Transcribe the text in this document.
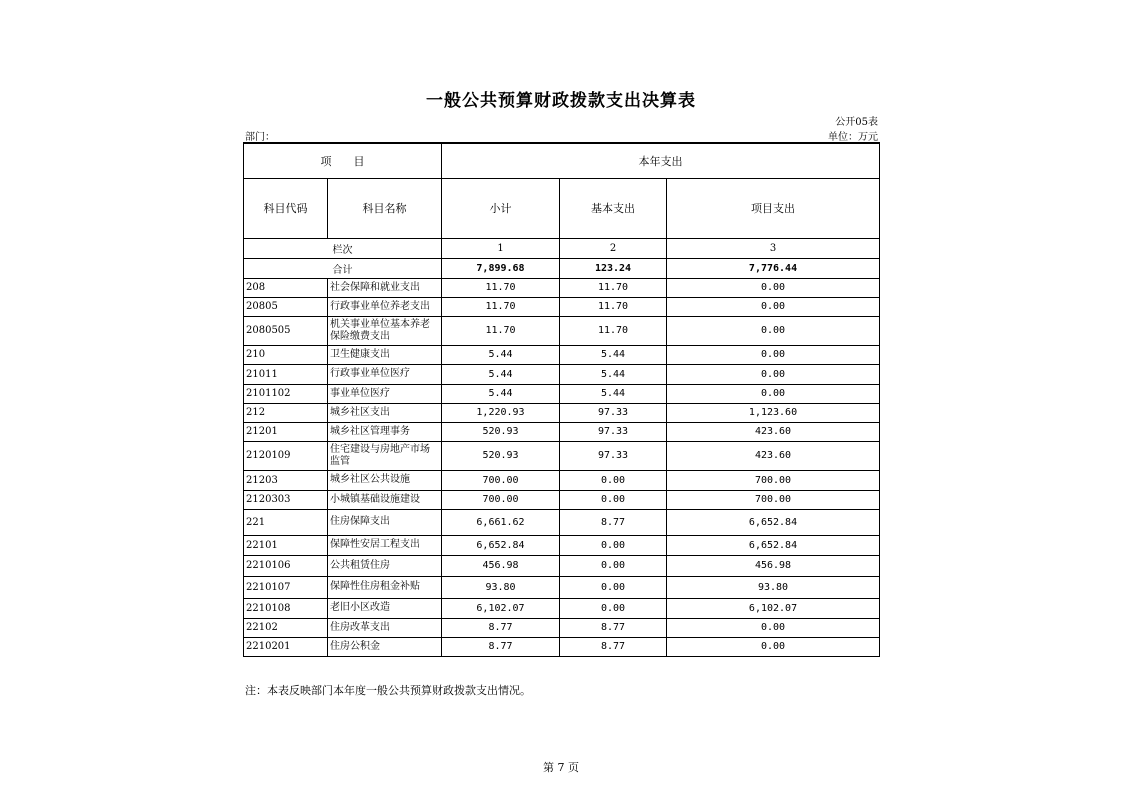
一般公共预算财政拨款支出决算表
公开05表
部门：	单位：万元
项　　目		本年支出		
科目代码	科目名称	小计	基本支出	项目支出
栏次		1	2	3
合计		7,899.68	123.24	7,776.44
208	社会保障和就业支出	11.70	11.70	0.00
20805	行政事业单位养老支出	11.70	11.70	0.00
2080505	机关事业单位基本养老保险缴费支出	11.70	11.70	0.00
210	卫生健康支出	5.44	5.44	0.00
21011	行政事业单位医疗	5.44	5.44	0.00
2101102	事业单位医疗	5.44	5.44	0.00
212	城乡社区支出	1,220.93	97.33	1,123.60
21201	城乡社区管理事务	520.93	97.33	423.60
2120109	住宅建设与房地产市场监管	520.93	97.33	423.60
21203	城乡社区公共设施	700.00	0.00	700.00
2120303	小城镇基础设施建设	700.00	0.00	700.00
221	住房保障支出	6,661.62	8.77	6,652.84
22101	保障性安居工程支出	6,652.84	0.00	6,652.84
2210106	公共租赁住房	456.98	0.00	456.98
2210107	保障性住房租金补贴	93.80	0.00	93.80
2210108	老旧小区改造	6,102.07	0.00	6,102.07
22102	住房改革支出	8.77	8.77	0.00
2210201	住房公积金	8.77	8.77	0.00
注：本表反映部门本年度一般公共预算财政拨款支出情况。
第 7 页
